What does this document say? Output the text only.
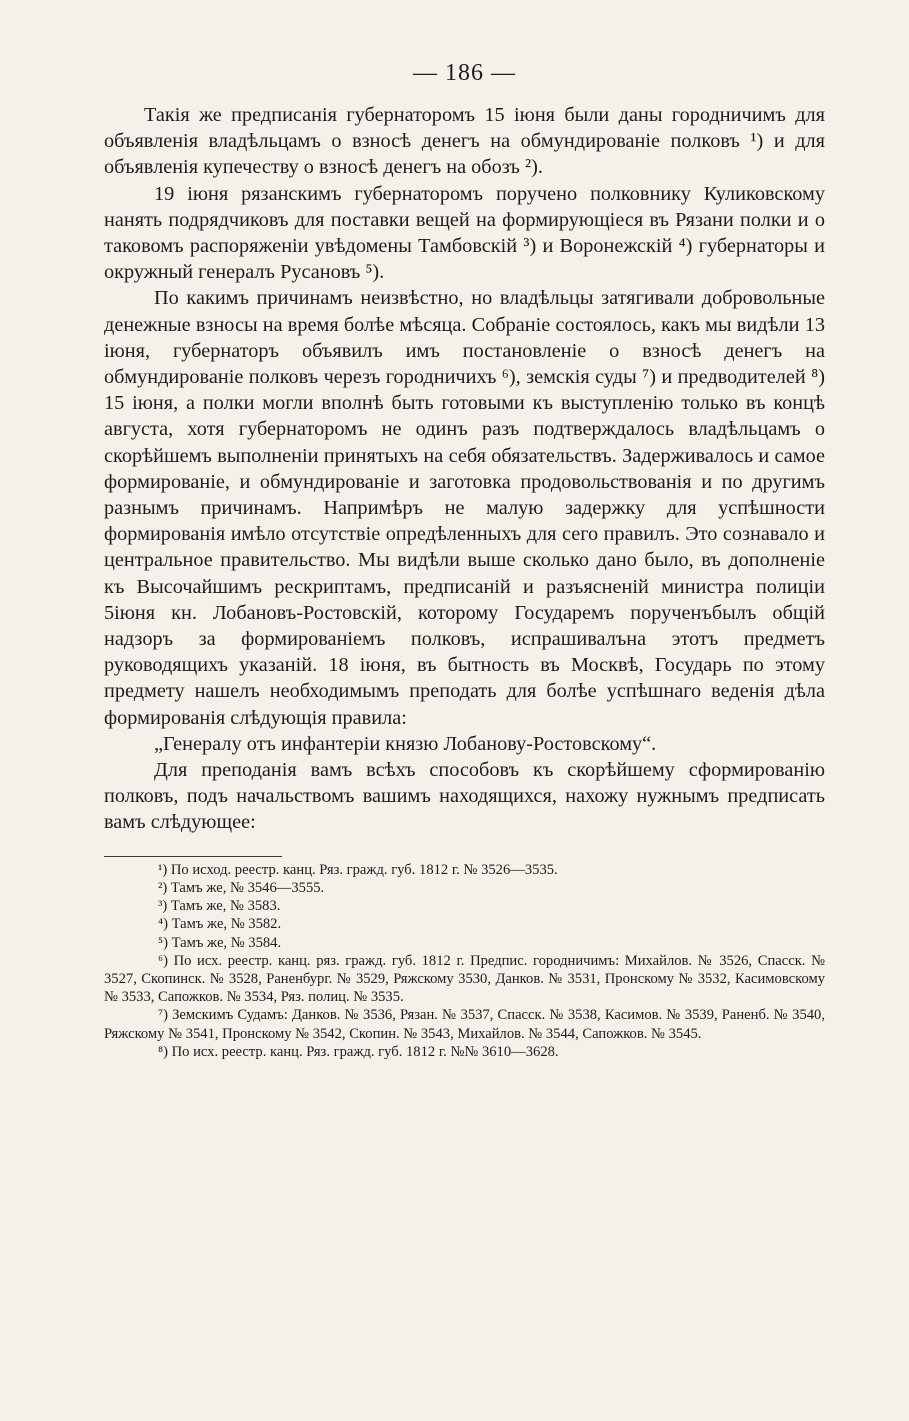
— 186 —

Такія же предписанія губернаторомъ 15 іюня были даны городничимъ для объявленія владѣльцамъ о взносѣ денегъ на обмундированіе полковъ ¹) и для объявленія купечеству о взносѣ денегъ на обозъ ²).

19 іюня рязанскимъ губернаторомъ поручено полковнику Куликовскому нанять подрядчиковъ для поставки вещей на формирующіеся въ Рязани полки и о таковомъ распоряженіи увѣдомены Тамбовскій ³) и Воронежскій ⁴) губернаторы и окружный генералъ Русановъ ⁵).

По какимъ причинамъ неизвѣстно, но владѣльцы затягивали добровольные денежные взносы на время болѣе мѣсяца. Собраніе состоялось, какъ мы видѣли 13 іюня, губернаторъ объявилъ имъ постановленіе о взносѣ денегъ на обмундированіе полковъ черезъ городничихъ ⁶), земскія суды ⁷) и предводителей ⁸) 15 іюня, а полки могли вполнѣ быть готовыми къ выступленію только въ концѣ августа, хотя губернаторомъ не одинъ разъ подтверждалось владѣльцамъ о скорѣйшемъ выполненіи принятыхъ на себя обязательствъ. Задерживалось и самое формированіе, и обмундированіе и заготовка продовольствованія и по другимъ разнымъ причинамъ. Напримѣръ не малую задержку для успѣшности формированія имѣло отсутствіе опредѣленныхъ для сего правилъ. Это сознавало и центральное правительство. Мы видѣли выше сколько дано было, въ дополненіе къ Высочайшимъ рескриптамъ, предписаній и разъясненій министра полиціи 5іюня кн. Лобановъ-Ростовскій, которому Государемъ порученъбылъ общій надзоръ за формированіемъ полковъ, испрашивалъна этотъ предметъ руководящихъ указаній. 18 іюня, въ бытность въ Москвѣ, Государь по этому предмету нашелъ необходимымъ преподать для болѣе успѣшнаго веденія дѣла формированія слѣдующія правила:

„Генералу отъ инфантеріи князю Лобанову-Ростовскому“.

Для преподанія вамъ всѣхъ способовъ къ скорѣйшему сформированію полковъ, подъ начальствомъ вашимъ находящихся, нахожу нужнымъ предписать вамъ слѣдующее:

¹) По исход. реестр. канц. Ряз. гражд. губ. 1812 г. № 3526—3535.

²) Тамъ же, № 3546—3555.

³) Тамъ же, № 3583.

⁴) Тамъ же, № 3582.

⁵) Тамъ же, № 3584.

⁶) По исх. реестр. канц. ряз. гражд. губ. 1812 г. Предпис. городничимъ: Михайлов. № 3526, Спасск. № 3527, Скопинск. № 3528, Раненбург. № 3529, Ряжскому 3530, Данков. № 3531, Пронскому № 3532, Касимовскому № 3533, Сапожков. № 3534, Ряз. полиц. № 3535.

⁷) Земскимъ Судамъ: Данков. № 3536, Рязан. № 3537, Спасск. № 3538, Касимов. № 3539, Раненб. № 3540, Ряжскому № 3541, Пронскому № 3542, Скопин. № 3543, Михайлов. № 3544, Сапожков. № 3545.

⁸) По исх. реестр. канц. Ряз. гражд. губ. 1812 г. №№ 3610—3628.
